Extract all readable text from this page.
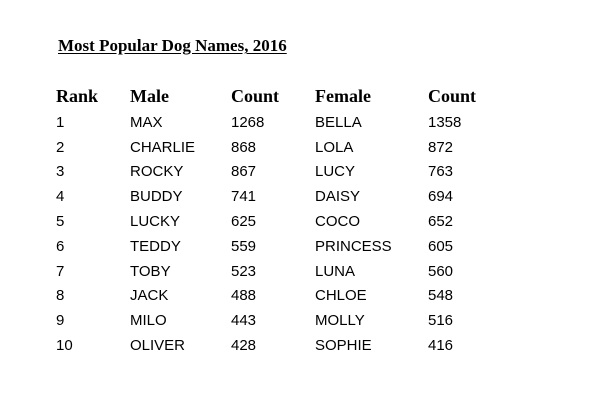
Most Popular Dog Names, 2016
Rank	Male	Count	Female	Count
1	MAX	1268	BELLA	1358
2	CHARLIE	868	LOLA	872
3	ROCKY	867	LUCY	763
4	BUDDY	741	DAISY	694
5	LUCKY	625	COCO	652
6	TEDDY	559	PRINCESS	605
7	TOBY	523	LUNA	560
8	JACK	488	CHLOE	548
9	MILO	443	MOLLY	516
10	OLIVER	428	SOPHIE	416
